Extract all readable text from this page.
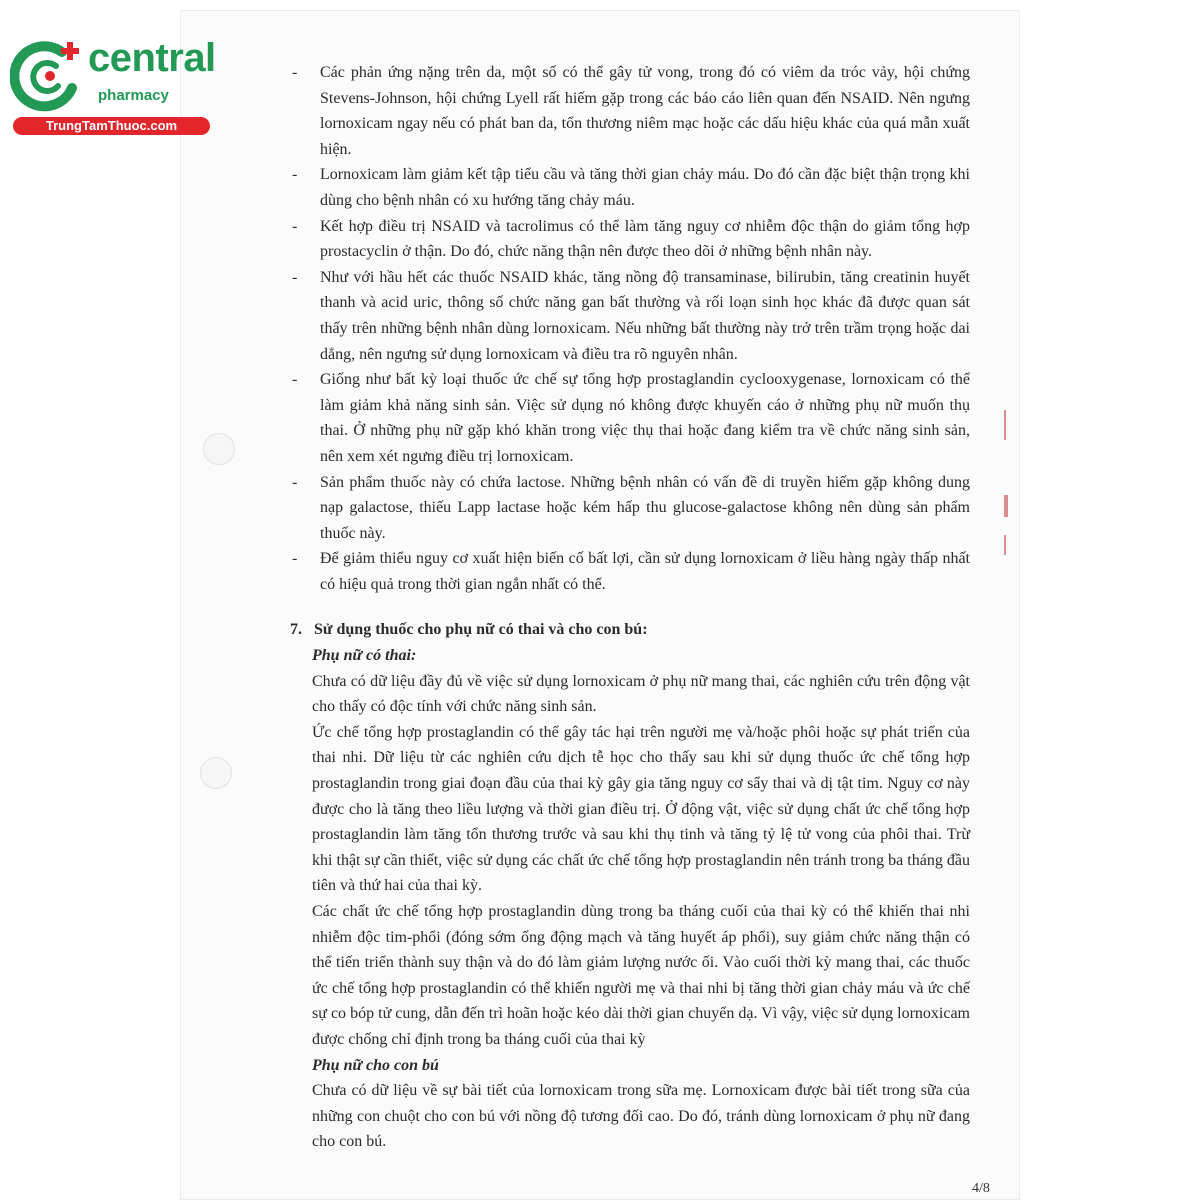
central
pharmacy
TrungTamThuoc.com
- Các phản ứng nặng trên da, một số có thể gây tử vong, trong đó có viêm da tróc vảy, hội chứng Stevens-Johnson, hội chứng Lyell rất hiếm gặp trong các báo cáo liên quan đến NSAID. Nên ngưng lornoxicam ngay nếu có phát ban da, tổn thương niêm mạc hoặc các dấu hiệu khác của quá mẫn xuất hiện.
- Lornoxicam làm giảm kết tập tiểu cầu và tăng thời gian chảy máu. Do đó cần đặc biệt thận trọng khi dùng cho bệnh nhân có xu hướng tăng chảy máu.
- Kết hợp điều trị NSAID và tacrolimus có thể làm tăng nguy cơ nhiễm độc thận do giảm tổng hợp prostacyclin ở thận. Do đó, chức năng thận nên được theo dõi ở những bệnh nhân này.
- Như với hầu hết các thuốc NSAID khác, tăng nồng độ transaminase, bilirubin, tăng creatinin huyết thanh và acid uric, thông số chức năng gan bất thường và rối loạn sinh học khác đã được quan sát thấy trên những bệnh nhân dùng lornoxicam. Nếu những bất thường này trở trên trầm trọng hoặc dai dẳng, nên ngưng sử dụng lornoxicam và điều tra rõ nguyên nhân.
- Giống như bất kỳ loại thuốc ức chế sự tổng hợp prostaglandin cyclooxygenase, lornoxicam có thể làm giảm khả năng sinh sản. Việc sử dụng nó không được khuyến cáo ở những phụ nữ muốn thụ thai. Ở những phụ nữ gặp khó khăn trong việc thụ thai hoặc đang kiểm tra về chức năng sinh sản, nên xem xét ngưng điều trị lornoxicam.
- Sản phẩm thuốc này có chứa lactose. Những bệnh nhân có vấn đề di truyền hiếm gặp không dung nạp galactose, thiếu Lapp lactase hoặc kém hấp thu glucose-galactose không nên dùng sản phẩm thuốc này.
- Để giảm thiểu nguy cơ xuất hiện biến cố bất lợi, cần sử dụng lornoxicam ở liều hàng ngày thấp nhất có hiệu quả trong thời gian ngắn nhất có thể.
7. Sử dụng thuốc cho phụ nữ có thai và cho con bú:
Phụ nữ có thai:
Chưa có dữ liệu đầy đủ về việc sử dụng lornoxicam ở phụ nữ mang thai, các nghiên cứu trên động vật cho thấy có độc tính với chức năng sinh sản.
Ức chế tổng hợp prostaglandin có thể gây tác hại trên người mẹ và/hoặc phôi hoặc sự phát triển của thai nhi. Dữ liệu từ các nghiên cứu dịch tễ học cho thấy sau khi sử dụng thuốc ức chế tổng hợp prostaglandin trong giai đoạn đầu của thai kỳ gây gia tăng nguy cơ sẩy thai và dị tật tim. Nguy cơ này được cho là tăng theo liều lượng và thời gian điều trị. Ở động vật, việc sử dụng chất ức chế tổng hợp prostaglandin làm tăng tổn thương trước và sau khi thụ tinh và tăng tỷ lệ tử vong của phôi thai. Trừ khi thật sự cần thiết, việc sử dụng các chất ức chế tổng hợp prostaglandin nên tránh trong ba tháng đầu tiên và thứ hai của thai kỳ.
Các chất ức chế tổng hợp prostaglandin dùng trong ba tháng cuối của thai kỳ có thể khiến thai nhi nhiễm độc tim-phổi (đóng sớm ống động mạch và tăng huyết áp phổi), suy giảm chức năng thận có thể tiến triển thành suy thận và do đó làm giảm lượng nước ối. Vào cuối thời kỳ mang thai, các thuốc ức chế tổng hợp prostaglandin có thể khiến người mẹ và thai nhi bị tăng thời gian chảy máu và ức chế sự co bóp tử cung, dẫn đến trì hoãn hoặc kéo dài thời gian chuyển dạ. Vì vậy, việc sử dụng lornoxicam được chống chỉ định trong ba tháng cuối của thai kỳ
Phụ nữ cho con bú
Chưa có dữ liệu về sự bài tiết của lornoxicam trong sữa mẹ. Lornoxicam được bài tiết trong sữa của những con chuột cho con bú với nồng độ tương đối cao. Do đó, tránh dùng lornoxicam ở phụ nữ đang cho con bú.
4/8
